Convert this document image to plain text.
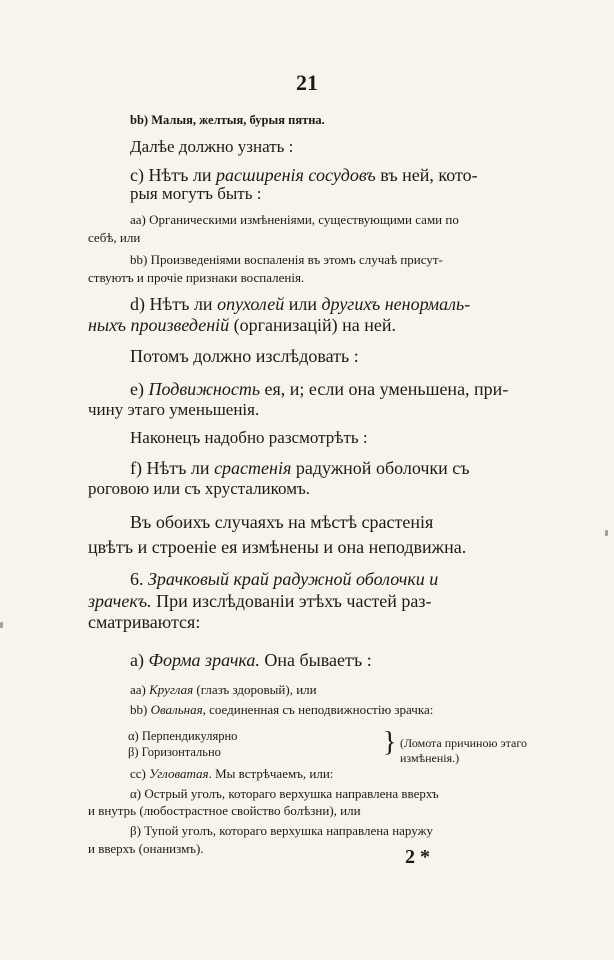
21
bb) Малыя, желтыя, бурыя пятна.
Далѣе должно узнать :
c) Нѣтъ ли расширенія сосудовъ въ ней, кото-
рыя могутъ быть :
aa) Органическими измѣненіями, существующими сами по
себѣ, или
bb) Произведеніями воспаленія въ этомъ случаѣ присут-
ствуютъ и прочіе признаки воспаленія.
d) Нѣтъ ли опухолей или другихъ ненормаль-
ныхъ произведеній (организацій) на ней.
Потомъ должно изслѣдовать :
e) Подвижность ея, и; если она уменьшена, при-
чину этаго уменьшенія.
Наконецъ надобно разсмотрѣть :
f) Нѣтъ ли срастенія радужной оболочки съ
роговою или съ хрусталикомъ.
Въ обоихъ случаяхъ на мѣстѣ срастенія
цвѣтъ и строеніе ея измѣнены и она неподвижна.
6. Зрачковый край радужной оболочки и
зрачекъ. При изслѣдованіи этѣхъ частей раз-
сматриваются:
a) Форма зрачка. Она бываетъ :
aa) Круглая (глазъ здоровый), или
bb) Овальная, соединенная съ неподвижностію зрачка:
α) Перпендикулярно
β) Горизонтально	} (Ломота причиною этаго измѣненія.)
cc) Угловатая. Мы встрѣчаемъ, или:
α) Острый уголъ, котораго верхушка направлена вверхъ
и внутрь (любострастное свойство болѣзни), или
β) Тупой уголъ, котораго верхушка направлена наружу
и вверхъ (онанизмъ).	2 *
